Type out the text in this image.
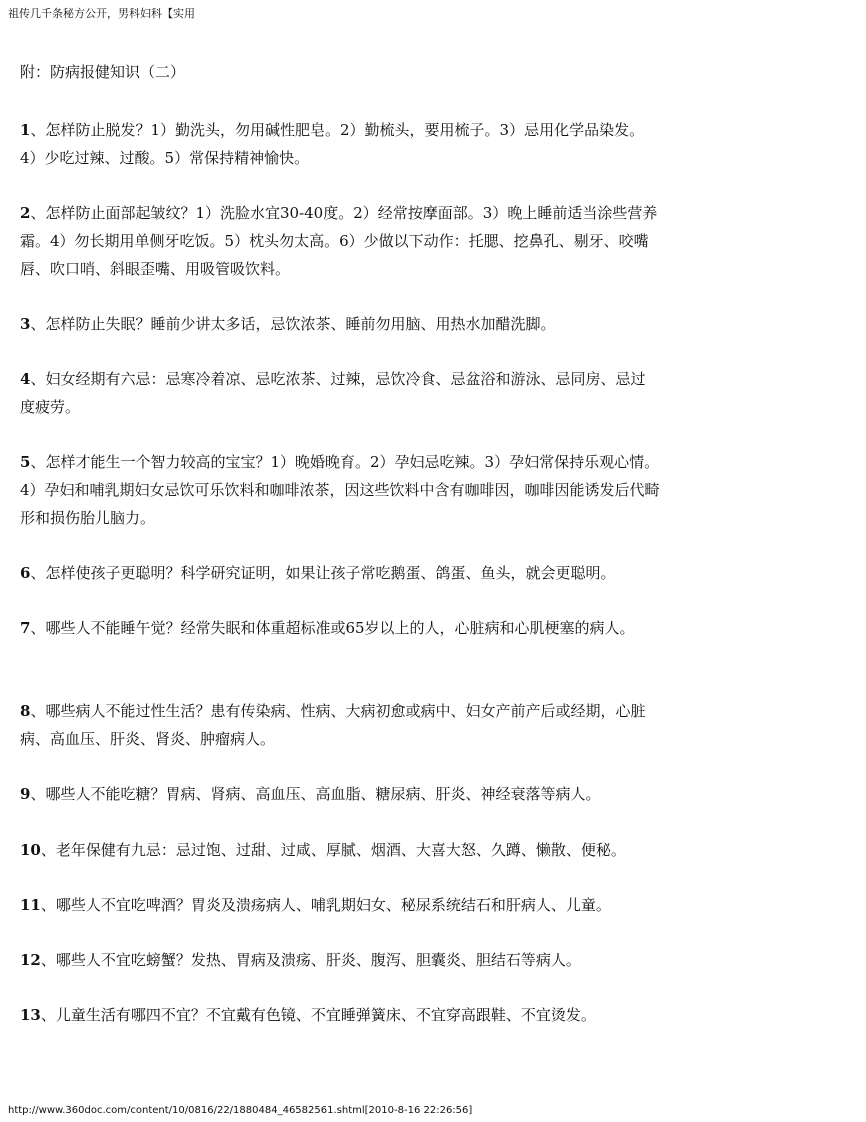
祖传几千条秘方公开，男科妇科【实用
附：防病报健知识（二）

1、怎样防止脱发？1）勤洗头，勿用碱性肥皂。2）勤梳头，要用梳子。3）忌用化学品染发。4）少吃过辣、过酸。5）常保持精神愉快。

2、怎样防止面部起皱纹？1）洗脸水宜30-40度。2）经常按摩面部。3）晚上睡前适当涂些营养霜。4）勿长期用单侧牙吃饭。5）枕头勿太高。6）少做以下动作：托腮、挖鼻孔、剔牙、咬嘴唇、吹口哨、斜眼歪嘴、用吸管吸饮料。

3、怎样防止失眠？睡前少讲太多话，忌饮浓茶、睡前勿用脑、用热水加醋洗脚。

4、妇女经期有六忌：忌寒冷着凉、忌吃浓茶、过辣，忌饮冷食、忌盆浴和游泳、忌同房、忌过度疲劳。

5、怎样才能生一个智力较高的宝宝？1）晚婚晚育。2）孕妇忌吃辣。3）孕妇常保持乐观心情。4）孕妇和哺乳期妇女忌饮可乐饮料和咖啡浓茶，因这些饮料中含有咖啡因，咖啡因能诱发后代畸形和损伤胎儿脑力。

6、怎样使孩子更聪明？科学研究证明，如果让孩子常吃鹅蛋、鸽蛋、鱼头，就会更聪明。

7、哪些人不能睡午觉？经常失眠和体重超标准或65岁以上的人，心脏病和心肌梗塞的病人。

8、哪些病人不能过性生活？患有传染病、性病、大病初愈或病中、妇女产前产后或经期，心脏病、高血压、肝炎、肾炎、肿瘤病人。

9、哪些人不能吃糖？胃病、肾病、高血压、高血脂、糖尿病、肝炎、神经衰落等病人。

10、老年保健有九忌：忌过饱、过甜、过咸、厚腻、烟酒、大喜大怒、久蹲、懒散、便秘。

11、哪些人不宜吃啤酒？胃炎及溃疡病人、哺乳期妇女、秘尿系统结石和肝病人、儿童。

12、哪些人不宜吃螃蟹？发热、胃病及溃疡、肝炎、腹泻、胆囊炎、胆结石等病人。

13、儿童生活有哪四不宜？不宜戴有色镜、不宜睡弹簧床、不宜穿高跟鞋、不宜烫发。

http://www.360doc.com/content/10/0816/22/1880484_46582561.shtml[2010-8-16 22:26:56]
